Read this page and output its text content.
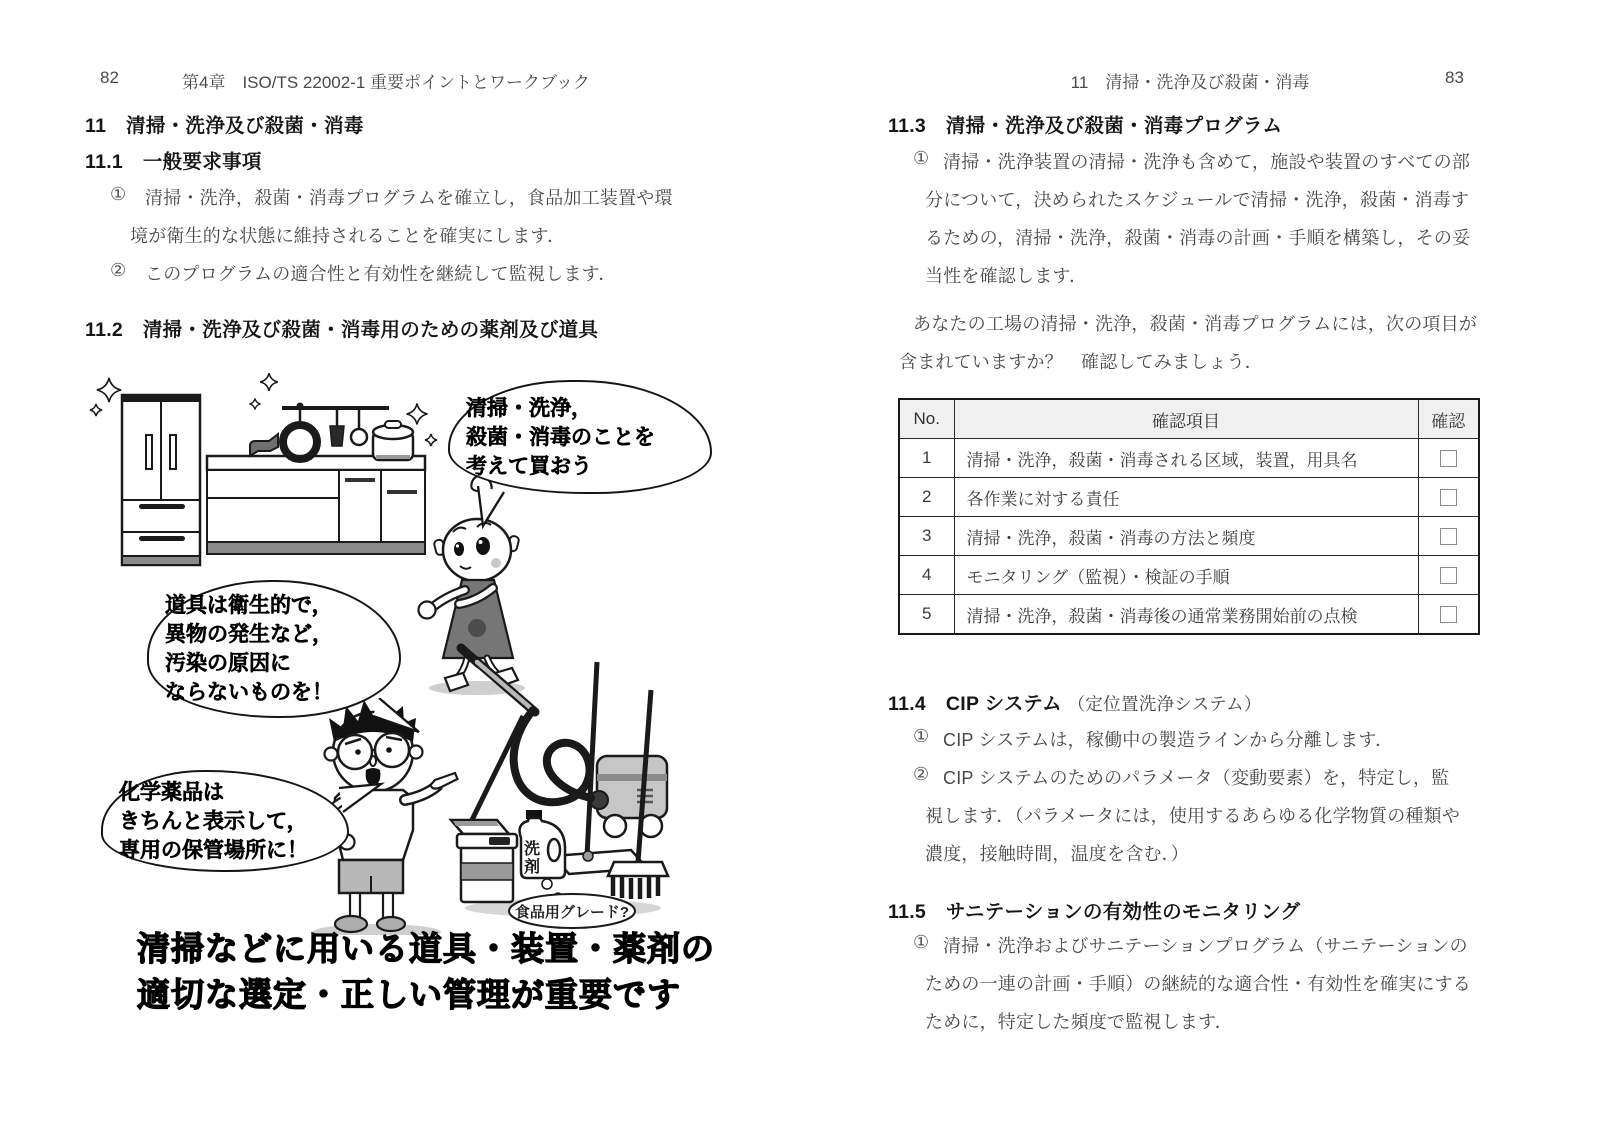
82	第4章　ISO/TS 22002-1 重要ポイントとワークブック
11　清掃・洗浄及び殺菌・消毒
11.1　一般要求事項
① 清掃・洗浄，殺菌・消毒プログラムを確立し，食品加工装置や環
境が衛生的な状態に維持されることを確実にします．
② このプログラムの適合性と有効性を継続して監視します．
11.2　清掃・洗浄及び殺菌・消毒用のための薬剤及び道具
洗
剤
食品用グレード?
清掃・洗浄，
殺菌・消毒のことを
考えて買おう
道具は衛生的で，
異物の発生など，
汚染の原因に
ならないものを！
化学薬品は
きちんと表示して，
専用の保管場所に！
清掃などに用いる道具・装置・薬剤の
適切な選定・正しい管理が重要です
11　清掃・洗浄及び殺菌・消毒	83
11.3　清掃・洗浄及び殺菌・消毒プログラム
① 清掃・洗浄装置の清掃・洗浄も含めて，施設や装置のすべての部
分について，決められたスケジュールで清掃・洗浄，殺菌・消毒す
るための，清掃・洗浄，殺菌・消毒の計画・手順を構築し，その妥
当性を確認します．
あなたの工場の清掃・洗浄，殺菌・消毒プログラムには，次の項目が
含まれていますか？　確認してみましょう．
No.	確認項目	確認
1	清掃・洗浄，殺菌・消毒される区域，装置，用具名	
2	各作業に対する責任	
3	清掃・洗浄，殺菌・消毒の方法と頻度	
4	モニタリング（監視）・検証の手順	
5	清掃・洗浄，殺菌・消毒後の通常業務開始前の点検	
11.4　CIP システム （定位置洗浄システム）
① CIP システムは，稼働中の製造ラインから分離します．
② CIP システムのためのパラメータ（変動要素）を，特定し，監
視します．（パラメータには，使用するあらゆる化学物質の種類や
濃度，接触時間，温度を含む．）
11.5　サニテーションの有効性のモニタリング
① 清掃・洗浄およびサニテーションプログラム（サニテーションの
ための一連の計画・手順）の継続的な適合性・有効性を確実にする
ために，特定した頻度で監視します．
